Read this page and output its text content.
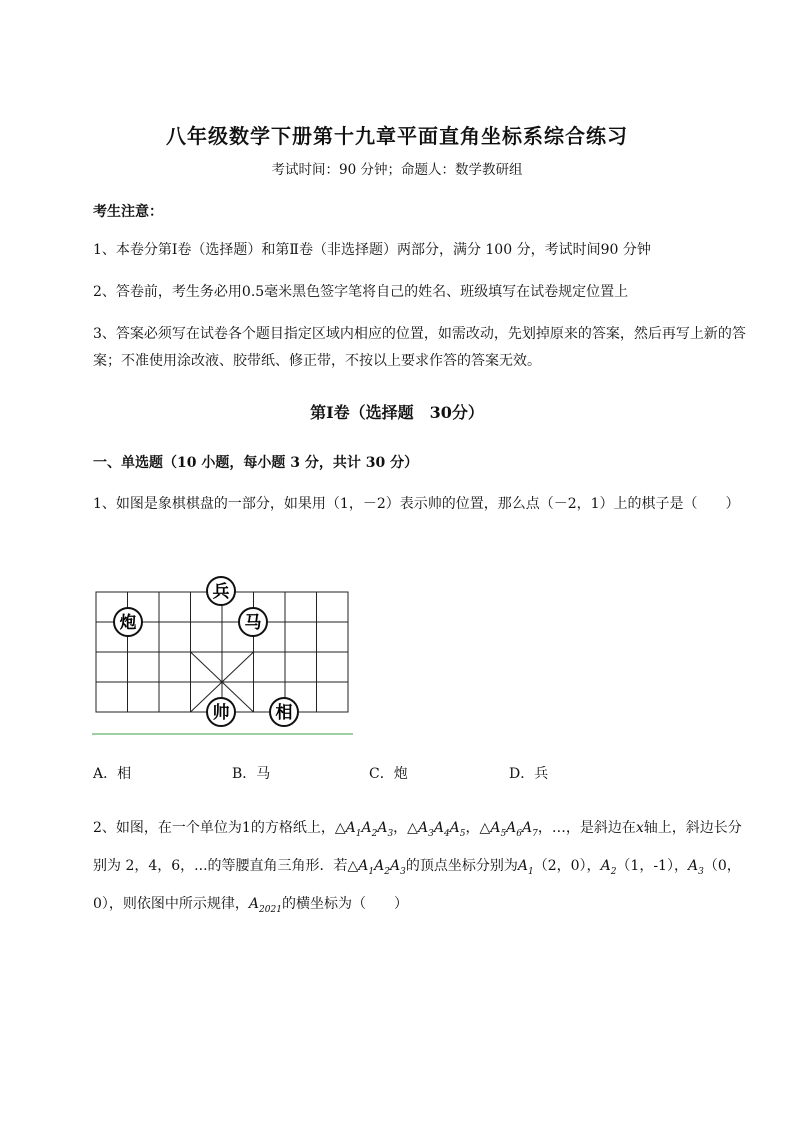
八年级数学下册第十九章平面直角坐标系综合练习
考试时间：90 分钟；命题人：数学教研组
考生注意：
1、本卷分第Ⅰ卷（选择题）和第Ⅱ卷（非选择题）两部分，满分 100 分，考试时间90 分钟
2、答卷前，考生务必用0.5毫米黑色签字笔将自己的姓名、班级填写在试卷规定位置上
3、答案必须写在试卷各个题目指定区域内相应的位置，如需改动，先划掉原来的答案，然后再写上新的答案；不准使用涂改液、胶带纸、修正带，不按以上要求作答的答案无效。
第Ⅰ卷（选择题　30分）
一、单选题（10 小题，每小题 3 分，共计 30 分）
1、如图是象棋棋盘的一部分，如果用（1，－2）表示帅的位置，那么点（－2，1）上的棋子是（　　）
兵
炮	马
帅	相
A．相	B．马	C．炮	D．兵
2、如图，在一个单位为1的方格纸上，$\triangle A_1A_2A_3$，$\triangle A_3A_4A_5$，$\triangle A_5A_6A_7$，…，是斜边在x轴上，斜边长分别为 2，4，6，...的等腰直角三角形．若$\triangle A_1A_2A_3$的顶点坐标分别为$A_1(2$，0），$A_2(1$，-1），$A_3(0$，0），则依图中所示规律，$A_{2021}$的横坐标为（　　）
